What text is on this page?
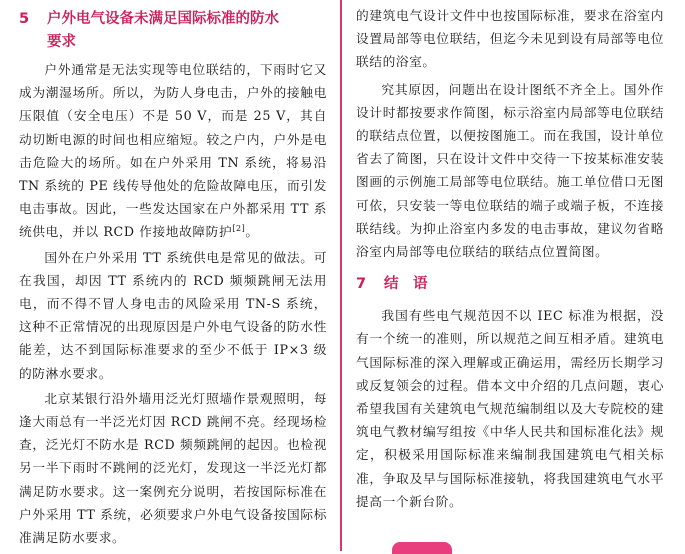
5 户外电气设备未满足国际标准的防水
要求

户外通常是无法实现等电位联结的，下雨时它又成为潮湿场所。所以，为防人身电击，户外的接触电压限值（安全电压）不是 50 V，而是 25 V，其自动切断电源的时间也相应缩短。较之户内，户外是电击危险大的场所。如在户外采用 TN 系统，将易沿 TN 系统的 PE 线传导他处的危险故障电压，而引发电击事故。因此，一些发达国家在户外都采用 TT 系统供电，并以 RCD 作接地故障防护[2]。

国外在户外采用 TT 系统供电是常见的做法。可在我国，却因 TT 系统内的 RCD 频频跳闸无法用电，而不得不冒人身电击的风险采用 TN-S 系统，这种不正常情况的出现原因是户外电气设备的防水性能差，达不到国际标准要求的至少不低于 IP×3 级的防淋水要求。

北京某银行沿外墙用泛光灯照墙作景观照明，每逢大雨总有一半泛光灯因 RCD 跳闸不亮。经现场检查，泛光灯不防水是 RCD 频频跳闸的起因。也检视另一半下雨时不跳闸的泛光灯，发现这一半泛光灯都满足防水要求。这一案例充分说明，若按国际标准在户外采用 TT 系统，必须要求户外电气设备按国际标准满足防水要求。

的建筑电气设计文件中也按国际标准，要求在浴室内设置局部等电位联结，但迄今未见到设有局部等电位联结的浴室。

究其原因，问题出在设计图纸不齐全上。国外作设计时都按要求作简图，标示浴室内局部等电位联结的联结点位置，以便按图施工。而在我国，设计单位省去了简图，只在设计文件中交待一下按某标准安装图画的示例施工局部等电位联结。施工单位借口无图可依，只安装一等电位联结的端子或端子板，不连接联结线。为抑止浴室内多发的电击事故，建议勿省略浴室内局部等电位联结的联结点位置简图。

7 结　语

我国有些电气规范因不以 IEC 标准为根据，没有一个统一的准则，所以规范之间互相矛盾。建筑电气国际标准的深入理解或正确运用，需经历长期学习或反复领会的过程。借本文中介绍的几点问题，衷心希望我国有关建筑电气规范编制组以及大专院校的建筑电气教材编写组按《中华人民共和国标准化法》规定，积极采用国际标准来编制我国建筑电气相关标准，争取及早与国际标准接轨，将我国建筑电气水平提高一个新台阶。
